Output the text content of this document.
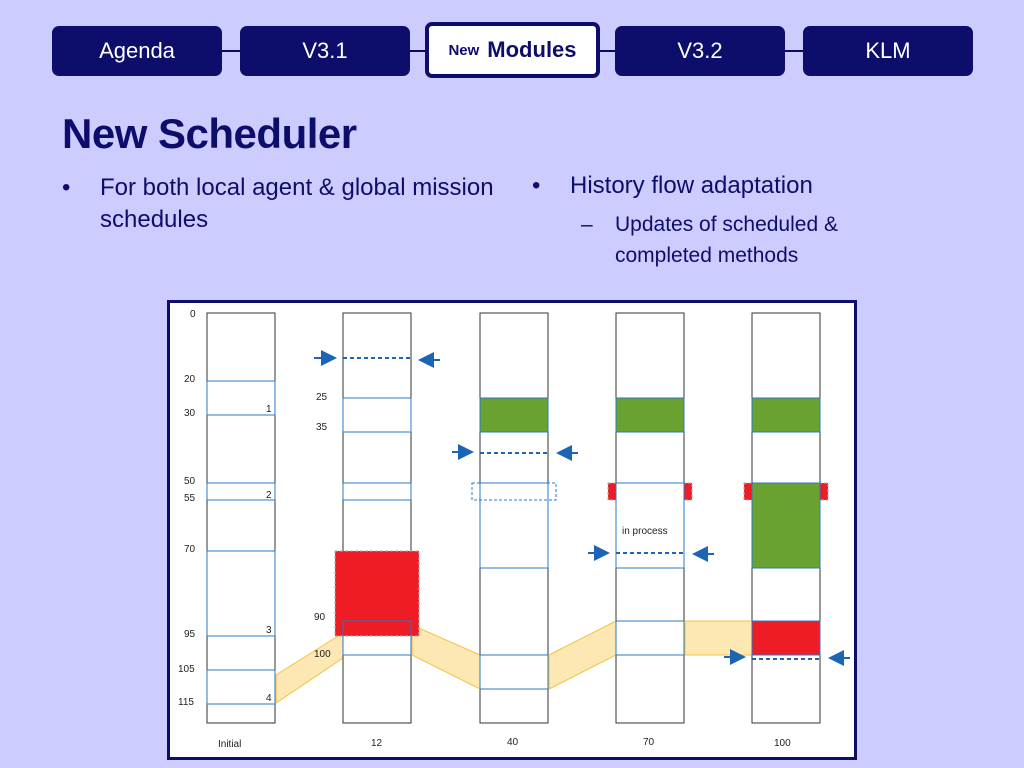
Agenda	V3.1	New Modules	V3.2	KLM
New Scheduler
• For both local agent & global mission schedules
• History flow adaptation
– Updates of scheduled & completed methods
0
20
30
50
55
70
95
105
115
1
2
3
4
25
35
90
100
in process
Initial	12	40	70	100
